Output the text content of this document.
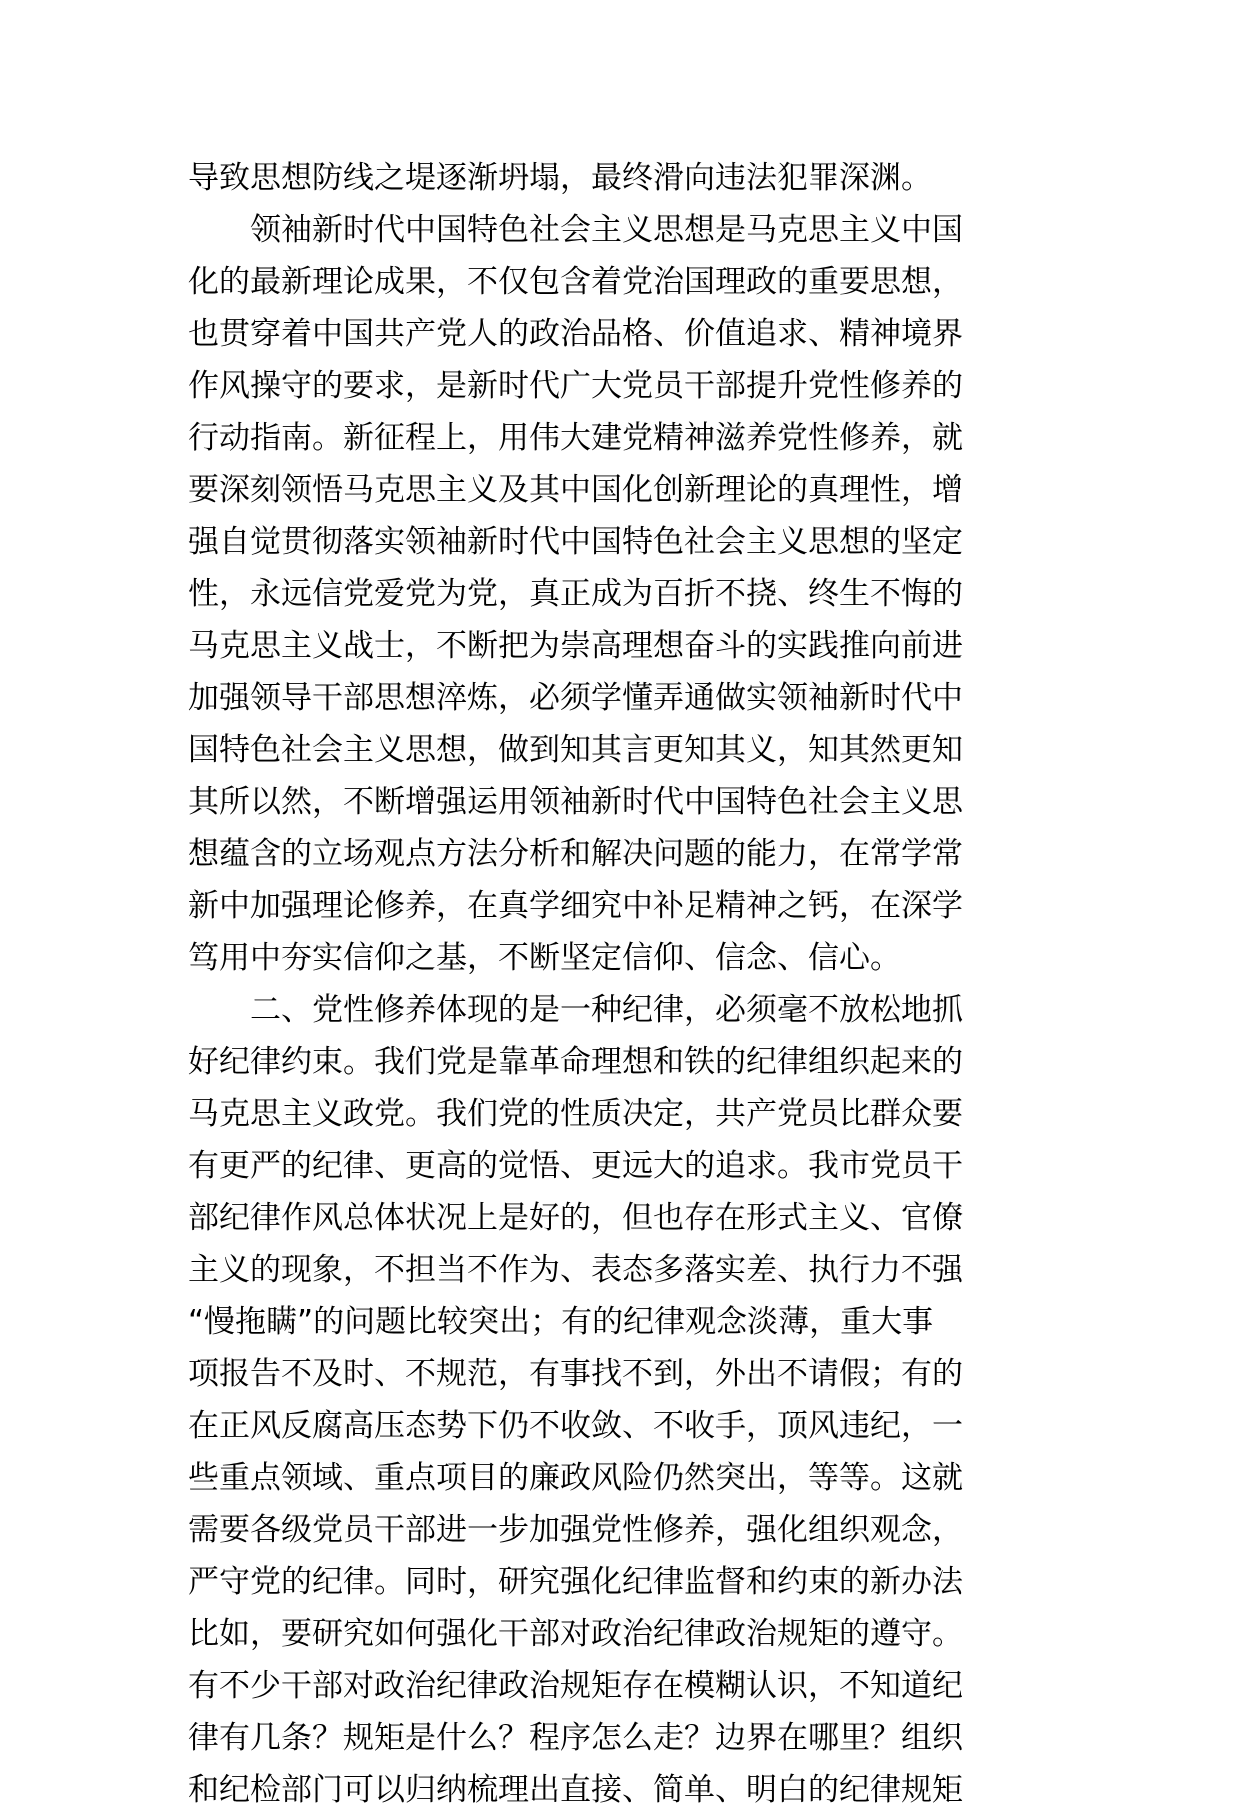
导致思想防线之堤逐渐坍塌，最终滑向违法犯罪深渊。
领袖新时代中国特色社会主义思想是马克思主义中国
化的最新理论成果，不仅包含着党治国理政的重要思想，
也贯穿着中国共产党人的政治品格、价值追求、精神境界
作风操守的要求，是新时代广大党员干部提升党性修养的
行动指南。新征程上，用伟大建党精神滋养党性修养，就
要深刻领悟马克思主义及其中国化创新理论的真理性，增
强自觉贯彻落实领袖新时代中国特色社会主义思想的坚定
性，永远信党爱党为党，真正成为百折不挠、终生不悔的
马克思主义战士，不断把为崇高理想奋斗的实践推向前进
加强领导干部思想淬炼，必须学懂弄通做实领袖新时代中
国特色社会主义思想，做到知其言更知其义，知其然更知
其所以然，不断增强运用领袖新时代中国特色社会主义思
想蕴含的立场观点方法分析和解决问题的能力，在常学常
新中加强理论修养，在真学细究中补足精神之钙，在深学
笃用中夯实信仰之基，不断坚定信仰、信念、信心。
二、党性修养体现的是一种纪律，必须毫不放松地抓
好纪律约束。我们党是靠革命理想和铁的纪律组织起来的
马克思主义政党。我们党的性质决定，共产党员比群众要
有更严的纪律、更高的觉悟、更远大的追求。我市党员干
部纪律作风总体状况上是好的，但也存在形式主义、官僚
主义的现象，不担当不作为、表态多落实差、执行力不强
“慢拖瞒”的问题比较突出；有的纪律观念淡薄，重大事
项报告不及时、不规范，有事找不到，外出不请假；有的
在正风反腐高压态势下仍不收敛、不收手，顶风违纪，一
些重点领域、重点项目的廉政风险仍然突出，等等。这就
需要各级党员干部进一步加强党性修养，强化组织观念，
严守党的纪律。同时，研究强化纪律监督和约束的新办法
比如，要研究如何强化干部对政治纪律政治规矩的遵守。
有不少干部对政治纪律政治规矩存在模糊认识，不知道纪
律有几条？规矩是什么？程序怎么走？边界在哪里？组织
和纪检部门可以归纳梳理出直接、简单、明白的纪律规矩
